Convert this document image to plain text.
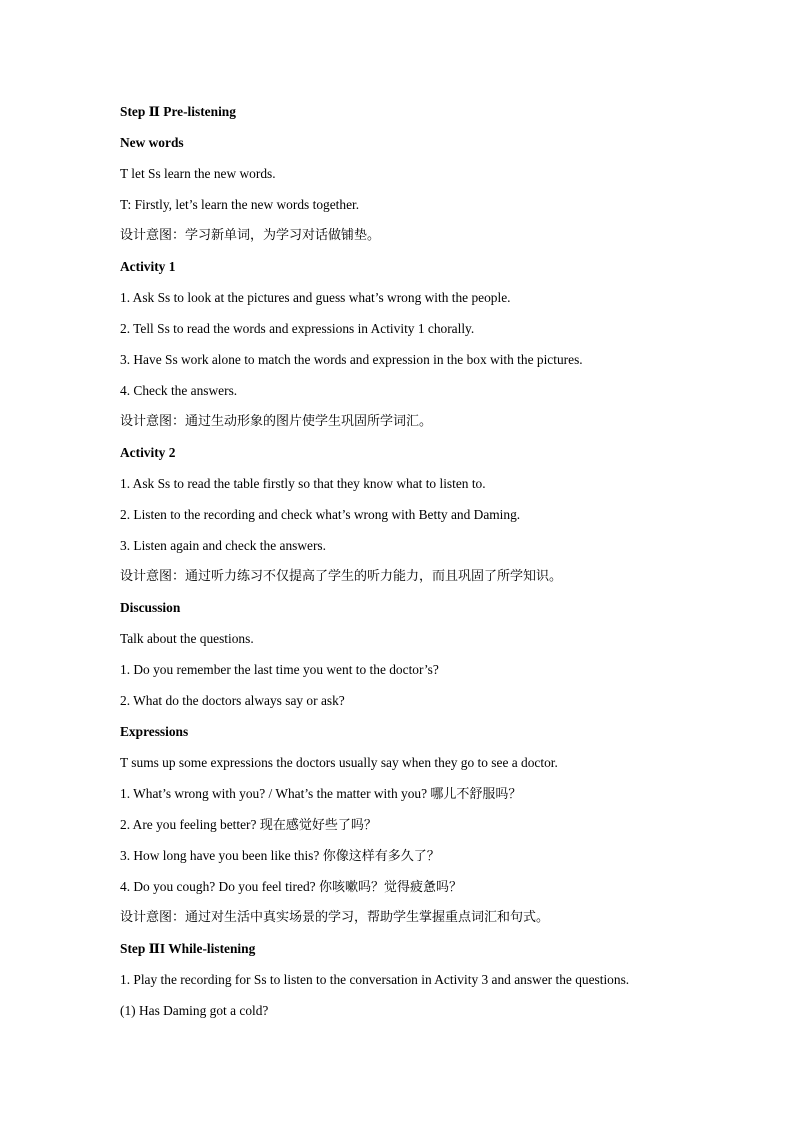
Step Ⅱ Pre-listening
New words
T let Ss learn the new words.
T: Firstly, let’s learn the new words together.
设计意图：学习新单词，为学习对话做铺垫。
Activity 1
1. Ask Ss to look at the pictures and guess what’s wrong with the people.
2. Tell Ss to read the words and expressions in Activity 1 chorally.
3. Have Ss work alone to match the words and expression in the box with the pictures.
4. Check the answers.
设计意图：通过生动形象的图片使学生巩固所学词汇。
Activity 2
1. Ask Ss to read the table firstly so that they know what to listen to.
2. Listen to the recording and check what’s wrong with Betty and Daming.
3. Listen again and check the answers.
设计意图：通过听力练习不仅提高了学生的听力能力，而且巩固了所学知识。
Discussion
Talk about the questions.
1. Do you remember the last time you went to the doctor’s?
2. What do the doctors always say or ask?
Expressions
T sums up some expressions the doctors usually say when they go to see a doctor.
1. What’s wrong with you? / What’s the matter with you? 哪儿不舒服吗？
2. Are you feeling better? 现在感觉好些了吗？
3. How long have you been like this? 你像这样有多久了？
4. Do you cough? Do you feel tired? 你咳嗽吗？觉得疲惫吗？
设计意图：通过对生活中真实场景的学习，帮助学生掌握重点词汇和句式。
Step ⅡI While-listening
1. Play the recording for Ss to listen to the conversation in Activity 3 and answer the questions.
(1) Has Daming got a cold?
